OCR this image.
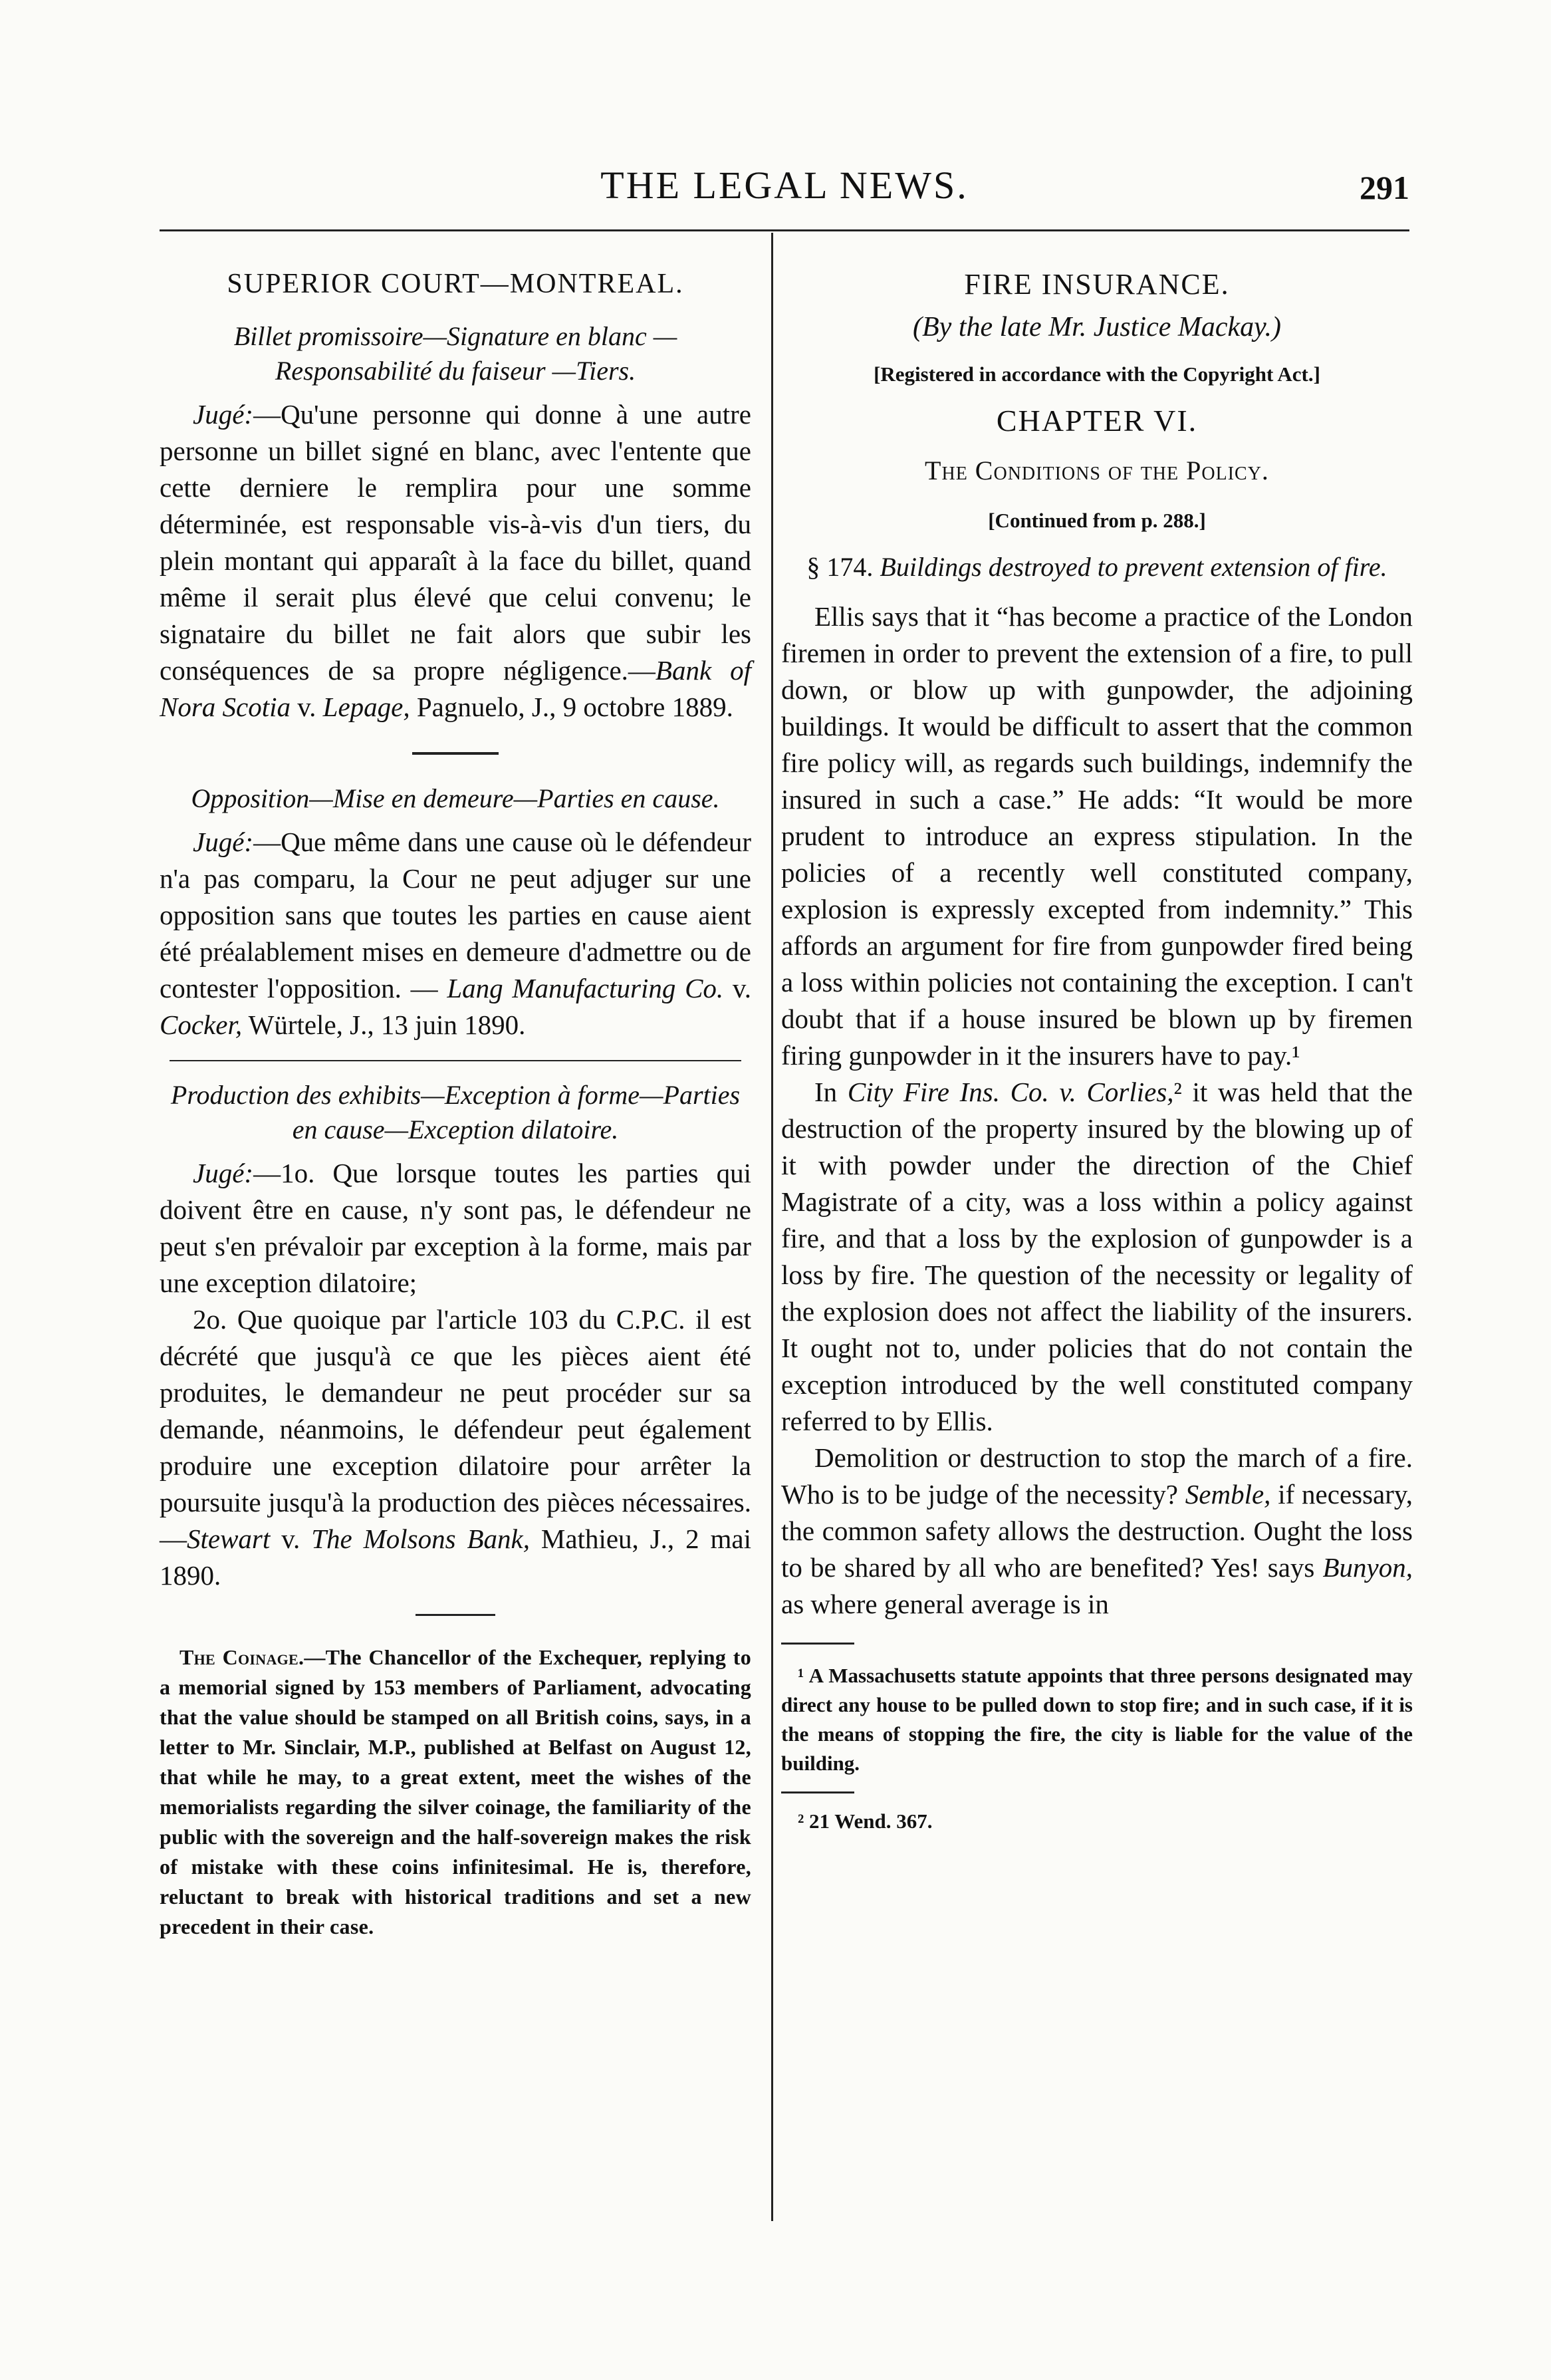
THE LEGAL NEWS.	291
SUPERIOR COURT—MONTREAL.
Billet promissoire—Signature en blanc —Responsabilité du faiseur —Tiers.

Jugé:—Qu'une personne qui donne à une autre personne un billet signé en blanc, avec l'entente que cette derniere le remplira pour une somme déterminée, est responsable vis-à-vis d'un tiers, du plein montant qui apparaît à la face du billet, quand même il serait plus élevé que celui convenu; le signataire du billet ne fait alors que subir les conséquences de sa propre négligence.—Bank of Nora Scotia v. Lepage, Pagnuelo, J., 9 octobre 1889.

Opposition—Mise en demeure—Parties en cause.

Jugé:—Que même dans une cause où le défendeur n'a pas comparu, la Cour ne peut adjuger sur une opposition sans que toutes les parties en cause aient été préalablement mises en demeure d'admettre ou de contester l'opposition. — Lang Manufacturing Co. v. Cocker, Würtele, J., 13 juin 1890.

Production des exhibits—Exception à forme—Parties en cause—Exception dilatoire.

Jugé:—1o. Que lorsque toutes les parties qui doivent être en cause, n'y sont pas, le défendeur ne peut s'en prévaloir par exception à la forme, mais par une exception dilatoire;

2o. Que quoique par l'article 103 du C.P.C. il est décrété que jusqu'à ce que les pièces aient été produites, le demandeur ne peut procéder sur sa demande, néanmoins, le défendeur peut également produire une exception dilatoire pour arrêter la poursuite jusqu'à la production des pièces nécessaires. —Stewart v. The Molsons Bank, Mathieu, J., 2 mai 1890.

The Coinage.—The Chancellor of the Exchequer, replying to a memorial signed by 153 members of Parliament, advocating that the value should be stamped on all British coins, says, in a letter to Mr. Sinclair, M.P., published at Belfast on August 12, that while he may, to a great extent, meet the wishes of the memorialists regarding the silver coinage, the familiarity of the public with the sovereign and the half-sovereign makes the risk of mistake with these coins infinitesimal. He is, therefore, reluctant to break with historical traditions and set a new precedent in their case.

FIRE INSURANCE.
(By the late Mr. Justice Mackay.)
[Registered in accordance with the Copyright Act.]
CHAPTER VI.
The Conditions of the Policy.
[Continued from p. 288.]
§ 174. Buildings destroyed to prevent extension of fire.

Ellis says that it “has become a practice of the London firemen in order to prevent the extension of a fire, to pull down, or blow up with gunpowder, the adjoining buildings. It would be difficult to assert that the common fire policy will, as regards such buildings, indemnify the insured in such a case.” He adds: “It would be more prudent to introduce an express stipulation. In the policies of a recently well constituted company, explosion is expressly excepted from indemnity.” This affords an argument for fire from gunpowder fired being a loss within policies not containing the exception. I can't doubt that if a house insured be blown up by firemen firing gunpowder in it the insurers have to pay.¹

In City Fire Ins. Co. v. Corlies,² it was held that the destruction of the property insured by the blowing up of it with powder under the direction of the Chief Magistrate of a city, was a loss within a policy against fire, and that a loss by the explosion of gunpowder is a loss by fire. The question of the necessity or legality of the explosion does not affect the liability of the insurers. It ought not to, under policies that do not contain the exception introduced by the well constituted company referred to by Ellis.

Demolition or destruction to stop the march of a fire. Who is to be judge of the necessity? Semble, if necessary, the common safety allows the destruction. Ought the loss to be shared by all who are benefited? Yes! says Bunyon, as where general average is in

¹ A Massachusetts statute appoints that three persons designated may direct any house to be pulled down to stop fire; and in such case, if it is the means of stopping the fire, the city is liable for the value of the building.

² 21 Wend. 367.
